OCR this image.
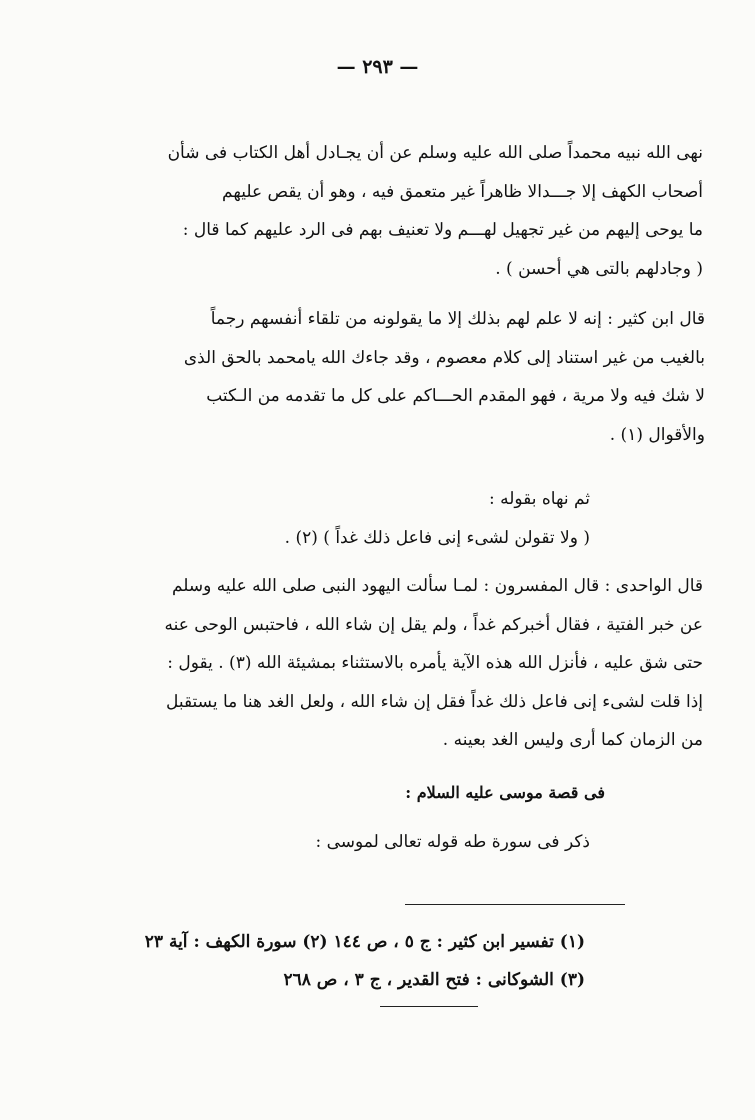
— ٢٩٣ —
نهى الله نبيه محمداً صلى الله عليه وسلم عن أن يجـادل أهل الكتاب فى شأن
أصحاب الكهف إلا جـــدالا ظاهراً غير متعمق فيه ، وهو أن يقص عليهم
ما يوحى إليهم من غير تجهيل لهـــم ولا تعنيف بهم فى الرد عليهم كما قال :
( وجادلهم بالتى هي أحسن ) .
قال ابن كثير : إنه لا علم لهم بذلك إلا ما يقولونه من تلقاء أنفسهم رجماً
بالغيب من غير استناد إلى كلام معصوم ، وقد جاءك الله يامحمد بالحق الذى
لا شك فيه ولا مرية ، فهو المقدم الحـــاكم على كل ما تقدمه من الـكتب
والأقوال (١) .
ثم نهاه بقوله :
( ولا تقولن لشىء إنى فاعل ذلك غداً ) (٢) .
قال الواحدى : قال المفسرون : لمـا سألت اليهود النبى صلى الله عليه وسلم
عن خبر الفتية ، فقال أخبركم غداً ، ولم يقل إن شاء الله ، فاحتبس الوحى عنه
حتى شق عليه ، فأنزل الله هذه الآية يأمره بالاستثناء بمشيئة الله (٣) . يقول :
إذا قلت لشىء إنى فاعل ذلك غداً فقل إن شاء الله ، ولعل الغد هنا ما يستقبل
من الزمان كما أرى وليس الغد بعينه .
فى قصة موسى عليه السلام :
ذكر فى سورة طه قوله تعالى لموسى :
(١) تفسير ابن كثير : ج ٥ ، ص ١٤٤ (٢) سورة الكهف : آية ٢٣
(٣) الشوكانى : فتح القدير ، ج ٣ ، ص ٢٦٨
